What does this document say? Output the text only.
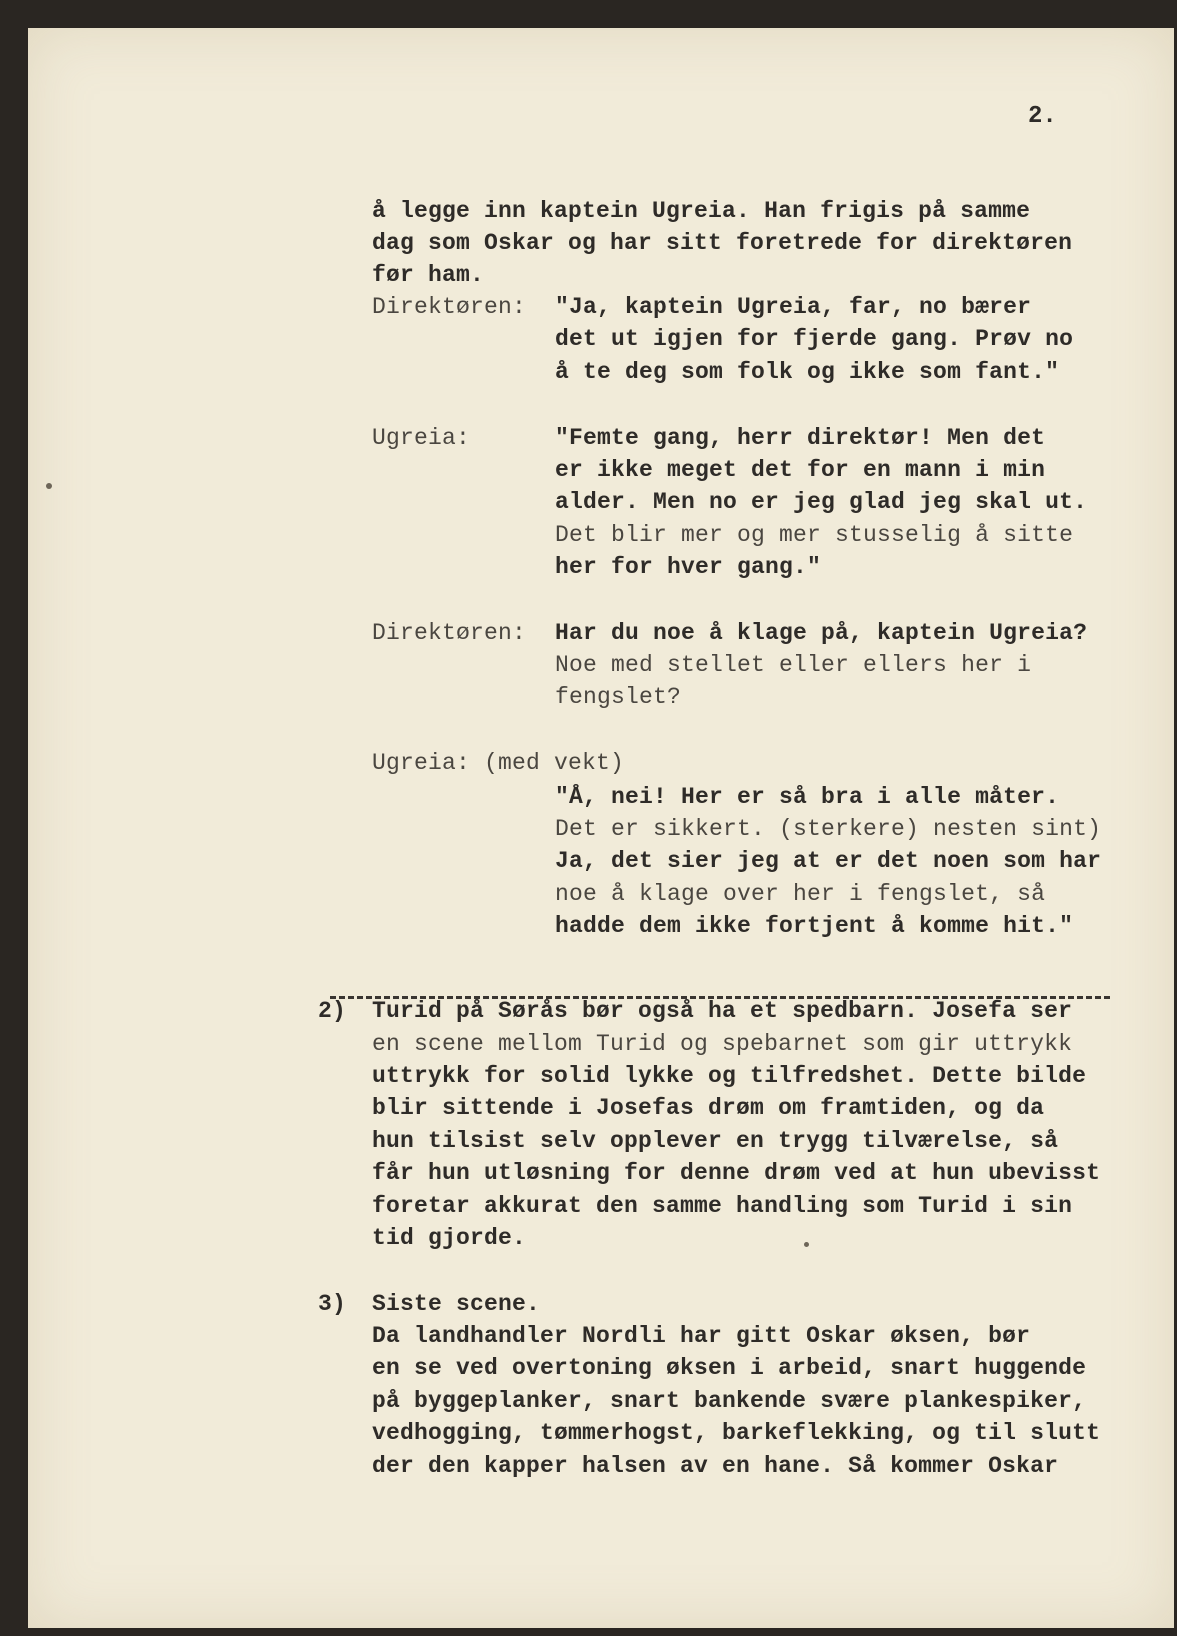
2.
å legge inn kaptein Ugreia. Han frigis på samme
dag som Oskar og har sitt foretrede for direktøren
før ham.
Direktøren: "Ja, kaptein Ugreia, far, no bærer
det ut igjen for fjerde gang. Prøv no
å te deg som folk og ikke som fant."
Ugreia:	"Femte gang, herr direktør! Men det
er ikke meget det for en mann i min
alder. Men no er jeg glad jeg skal ut.
Det blir mer og mer stusselig å sitte
her for hver gang."
Direktøren: Har du noe å klage på, kaptein Ugreia?
Noe med stellet eller ellers her i
fengslet?
Ugreia: (med vekt)
"Å, nei! Her er så bra i alle måter.
Det er sikkert. (sterkere) nesten sint)
Ja, det sier jeg at er det noen som har
noe å klage over her i fengslet, så
hadde dem ikke fortjent å komme hit."
2) Turid på Sørås bør også ha et spedbarn. Josefa ser
en scene mellom Turid og spebarnet som gir uttrykk
uttrykk for solid lykke og tilfredshet. Dette bilde
blir sittende i Josefas drøm om framtiden, og da
hun tilsist selv opplever en trygg tilværelse, så
får hun utløsning for denne drøm ved at hun ubevisst
foretar akkurat den samme handling som Turid i sin
tid gjorde.
3) Siste scene.
Da landhandler Nordli har gitt Oskar øksen, bør
en se ved overtoning øksen i arbeid, snart huggende
på byggeplanker, snart bankende svære plankespiker,
vedhogging, tømmerhogst, barkeflekking, og til slutt
der den kapper halsen av en hane. Så kommer Oskar
